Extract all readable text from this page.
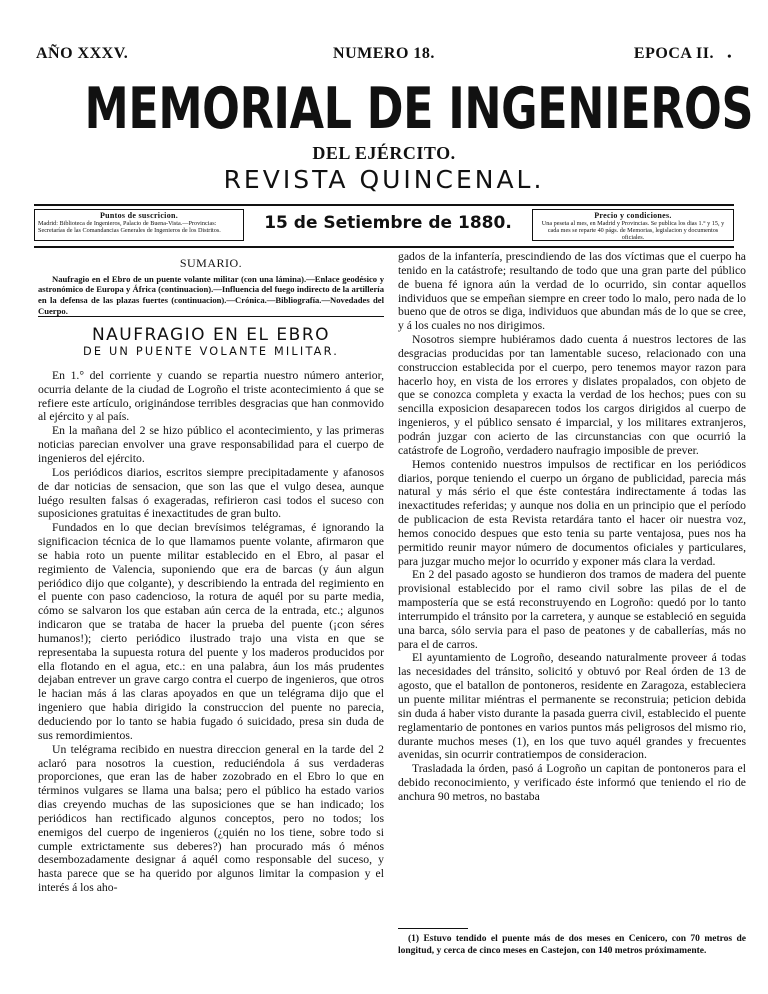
AÑO XXXV.	NUMERO 18.	EPOCA II. •
MEMORIAL DE INGENIEROS
DEL EJÉRCITO.
REVISTA QUINCENAL.
Puntos de suscricion.
Madrid: Biblioteca de Ingenieros, Palacio de Buena-Vista.—Provincias: Secretarías de las Comandancias Generales de Ingenieros de los Distritos.	15 de Setiembre de 1880.	Precio y condiciones.
Una peseta al mes, en Madrid y Provincias. Se publica los dias 1.° y 15, y cada mes se reparte 40 págs. de Memorias, legislacion y documentos oficiales.
SUMARIO.

Naufragio en el Ebro de un puente volante militar (con una lámina).—Enlace geodésico y astronómico de Europa y África (continuacion).—Influencia del fuego indirecto de la artillería en la defensa de las plazas fuertes (continuacion).—Crónica.—Bibliografía.—Novedades del Cuerpo.

NAUFRAGIO EN EL EBRO
DE UN PUENTE VOLANTE MILITAR.

En 1.° del corriente y cuando se repartia nuestro número anterior, ocurria delante de la ciudad de Logroño el triste acontecimiento á que se refiere este artículo, originándose terribles desgracias que han conmovido al ejército y al país.

En la mañana del 2 se hizo público el acontecimiento, y las primeras noticias parecian envolver una grave responsabilidad para el cuerpo de ingenieros del ejército.

Los periódicos diarios, escritos siempre precipitadamente y afanosos de dar noticias de sensacion, que son las que el vulgo desea, aunque luégo resulten falsas ó exageradas, refirieron casi todos el suceso con suposiciones gratuitas é inexactitudes de gran bulto.

Fundados en lo que decian brevísimos telégramas, é ignorando la significacion técnica de lo que llamamos puente volante, afirmaron que se habia roto un puente militar establecido en el Ebro, al pasar el regimiento de Valencia, suponiendo que era de barcas (y áun algun periódico dijo que colgante), y describiendo la entrada del regimiento en el puente con paso cadencioso, la rotura de aquél por su parte media, cómo se salvaron los que estaban aún cerca de la entrada, etc.; algunos indicaron que se trataba de hacer la prueba del puente (¡con séres humanos!); cierto periódico ilustrado trajo una vista en que se representaba la supuesta rotura del puente y los maderos producidos por ella flotando en el agua, etc.: en una palabra, áun los más prudentes dejaban entrever un grave cargo contra el cuerpo de ingenieros, que otros le hacian más á las claras apoyados en que un telégrama dijo que el ingeniero que habia dirigido la construccion del puente no parecia, deduciendo por lo tanto se habia fugado ó suicidado, presa sin duda de sus remordimientos.

Un telégrama recibido en nuestra direccion general en la tarde del 2 aclaró para nosotros la cuestion, reduciéndola á sus verdaderas proporciones, que eran las de haber zozobrado en el Ebro lo que en términos vulgares se llama una balsa; pero el público ha estado varios dias creyendo muchas de las suposiciones que se han indicado; los periódicos han rectificado algunos conceptos, pero no todos; los enemigos del cuerpo de ingenieros (¿quién no los tiene, sobre todo si cumple extrictamente sus deberes?) han procurado más ó ménos desembozadamente designar á aquél como responsable del suceso, y hasta parece que se ha querido por algunos limitar la compasion y el interés á los aho-

gados de la infantería, prescindiendo de las dos víctimas que el cuerpo ha tenido en la catástrofe; resultando de todo que una gran parte del público de buena fé ignora aún la verdad de lo ocurrido, sin contar aquellos individuos que se empeñan siempre en creer todo lo malo, pero nada de lo bueno que de otros se diga, individuos que abundan más de lo que se cree, y á los cuales no nos dirigimos.

Nosotros siempre hubiéramos dado cuenta á nuestros lectores de las desgracias producidas por tan lamentable suceso, relacionado con una construccion establecida por el cuerpo, pero tenemos mayor razon para hacerlo hoy, en vista de los errores y dislates propalados, con objeto de que se conozca completa y exacta la verdad de los hechos; pues con su sencilla exposicion desaparecen todos los cargos dirigidos al cuerpo de ingenieros, y el público sensato é imparcial, y los militares extranjeros, podrán juzgar con acierto de las circunstancias con que ocurrió la catástrofe de Logroño, verdadero naufragio imposible de prever.

Hemos contenido nuestros impulsos de rectificar en los periódicos diarios, porque teniendo el cuerpo un órgano de publicidad, parecia más natural y más sério el que éste contestára indirectamente á todas las inexactitudes referidas; y aunque nos dolia en un principio que el período de publicacion de esta Revista retardára tanto el hacer oir nuestra voz, hemos conocido despues que esto tenia su parte ventajosa, pues nos ha permitido reunir mayor número de documentos oficiales y particulares, para juzgar mucho mejor lo ocurrido y exponer más clara la verdad.

En 2 del pasado agosto se hundieron dos tramos de madera del puente provisional establecido por el ramo civil sobre las pilas de el de mampostería que se está reconstruyendo en Logroño: quedó por lo tanto interrumpido el tránsito por la carretera, y aunque se estableció en seguida una barca, sólo servia para el paso de peatones y de caballerías, más no para el de carros.

El ayuntamiento de Logroño, deseando naturalmente proveer á todas las necesidades del tránsito, solicitó y obtuvó por Real órden de 13 de agosto, que el batallon de pontoneros, residente en Zaragoza, estableciera un puente militar miéntras el permanente se reconstruia; peticion debida sin duda á haber visto durante la pasada guerra civil, establecido el puente reglamentario de pontones en varios puntos más peligrosos del mismo rio, durante muchos meses (1), en los que tuvo aquél grandes y frecuentes avenidas, sin ocurrir contratiempos de consideracion.

Trasladada la órden, pasó á Logroño un capitan de pontoneros para el debido reconocimiento, y verificado éste informó que teniendo el rio de anchura 90 metros, no bastaba

(1) Estuvo tendido el puente más de dos meses en Cenicero, con 70 metros de longitud, y cerca de cinco meses en Castejon, con 140 metros próximamente.
